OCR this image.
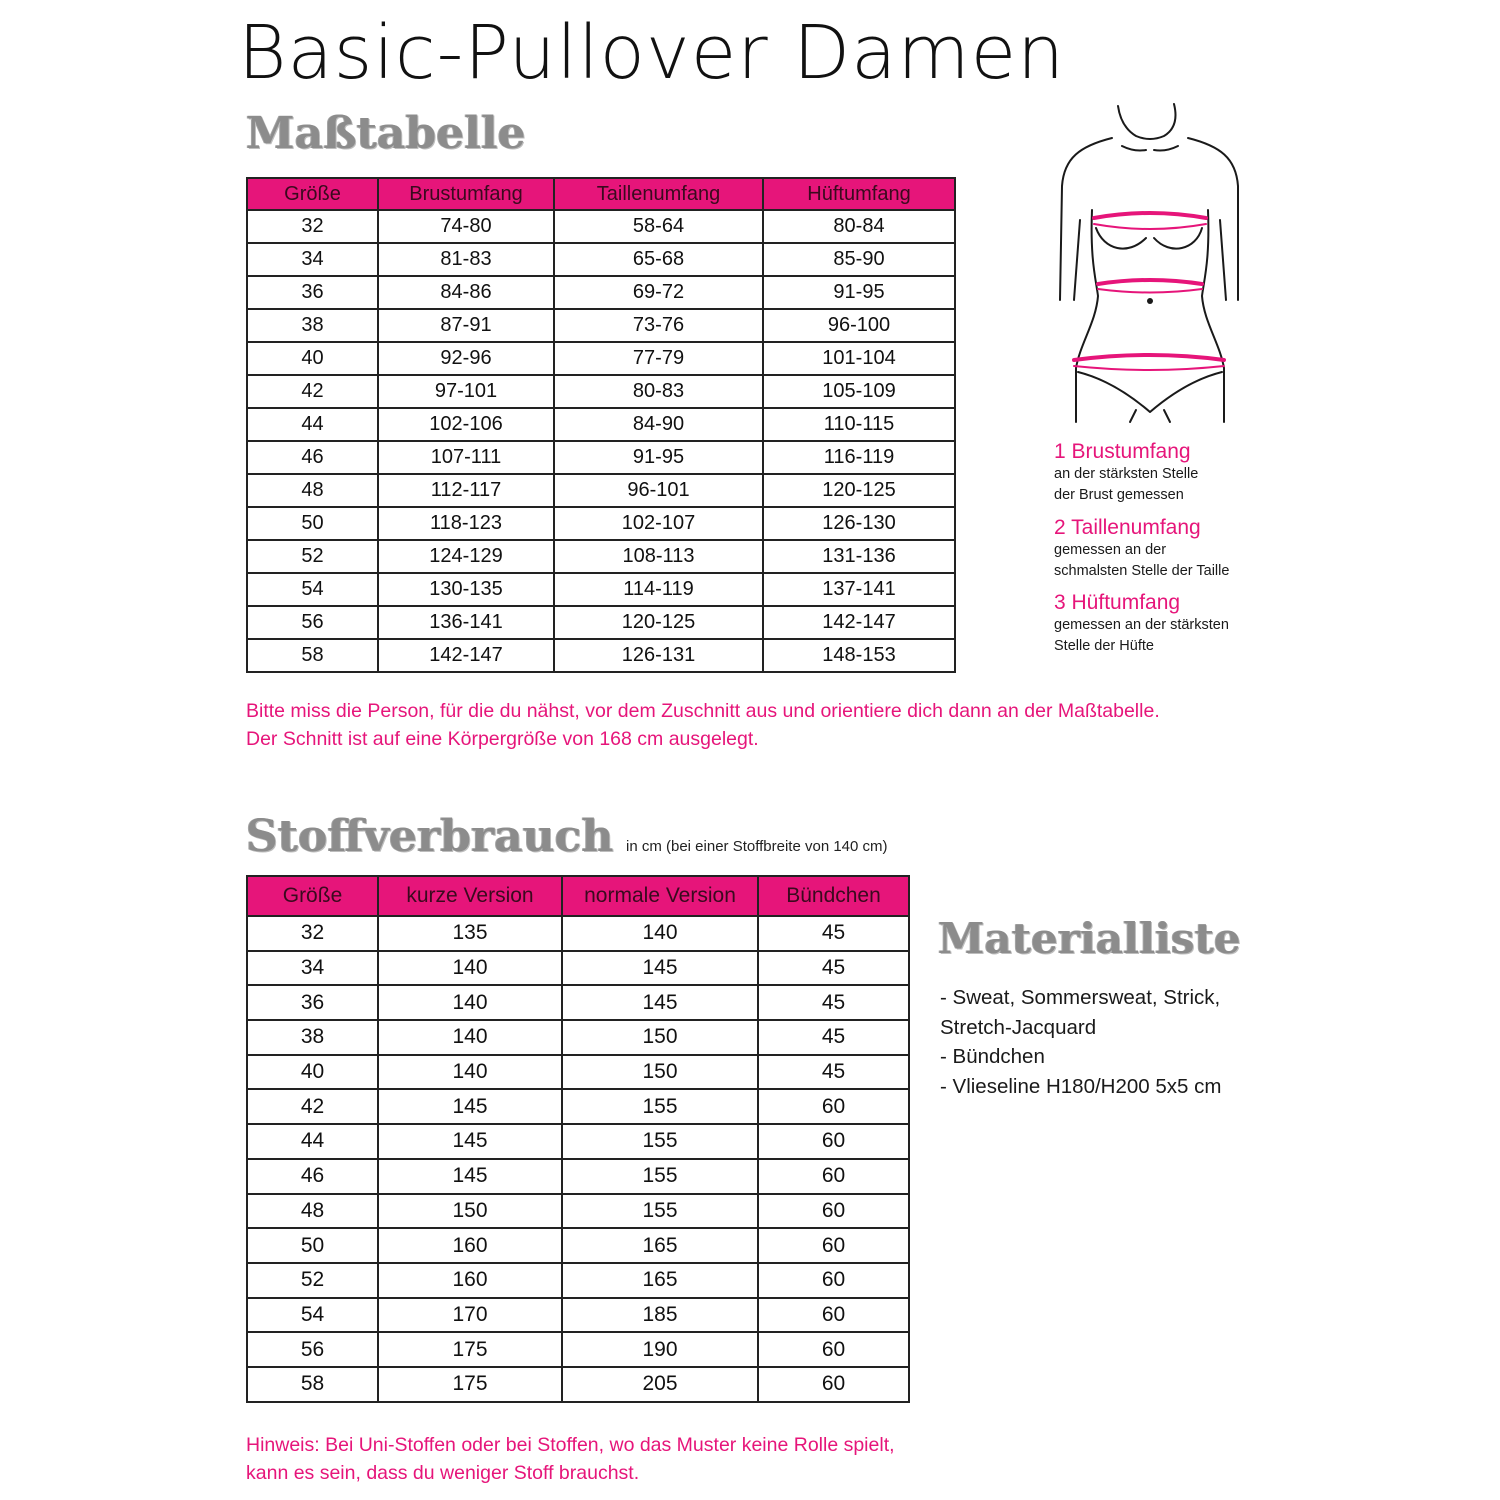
Basic-Pullover Damen
Maßtabelle
Größe	Brustumfang	Taillenumfang	Hüftumfang
32	74-80	58-64	80-84
34	81-83	65-68	85-90
36	84-86	69-72	91-95
38	87-91	73-76	96-100
40	92-96	77-79	101-104
42	97-101	80-83	105-109
44	102-106	84-90	110-115
46	107-111	91-95	116-119
48	112-117	96-101	120-125
50	118-123	102-107	126-130
52	124-129	108-113	131-136
54	130-135	114-119	137-141
56	136-141	120-125	142-147
58	142-147	126-131	148-153
1 Brustumfang
an der stärksten Stelle
der Brust gemessen
2 Taillenumfang
gemessen an der
schmalsten Stelle der Taille
3 Hüftumfang
gemessen an der stärksten
Stelle der Hüfte
Bitte miss die Person, für die du nähst, vor dem Zuschnitt aus und orientiere dich dann an der Maßtabelle.
Der Schnitt ist auf eine Körpergröße von 168 cm ausgelegt.
Stoffverbrauch in cm (bei einer Stoffbreite von 140 cm)
Größe	kurze Version	normale Version	Bündchen
32	135	140	45
34	140	145	45
36	140	145	45
38	140	150	45
40	140	150	45
42	145	155	60
44	145	155	60
46	145	155	60
48	150	155	60
50	160	165	60
52	160	165	60
54	170	185	60
56	175	190	60
58	175	205	60
Materialliste
- Sweat, Sommersweat, Strick,
Stretch-Jacquard
- Bündchen
- Vlieseline H180/H200 5x5 cm
Hinweis: Bei Uni-Stoffen oder bei Stoffen, wo das Muster keine Rolle spielt,
kann es sein, dass du weniger Stoff brauchst.
